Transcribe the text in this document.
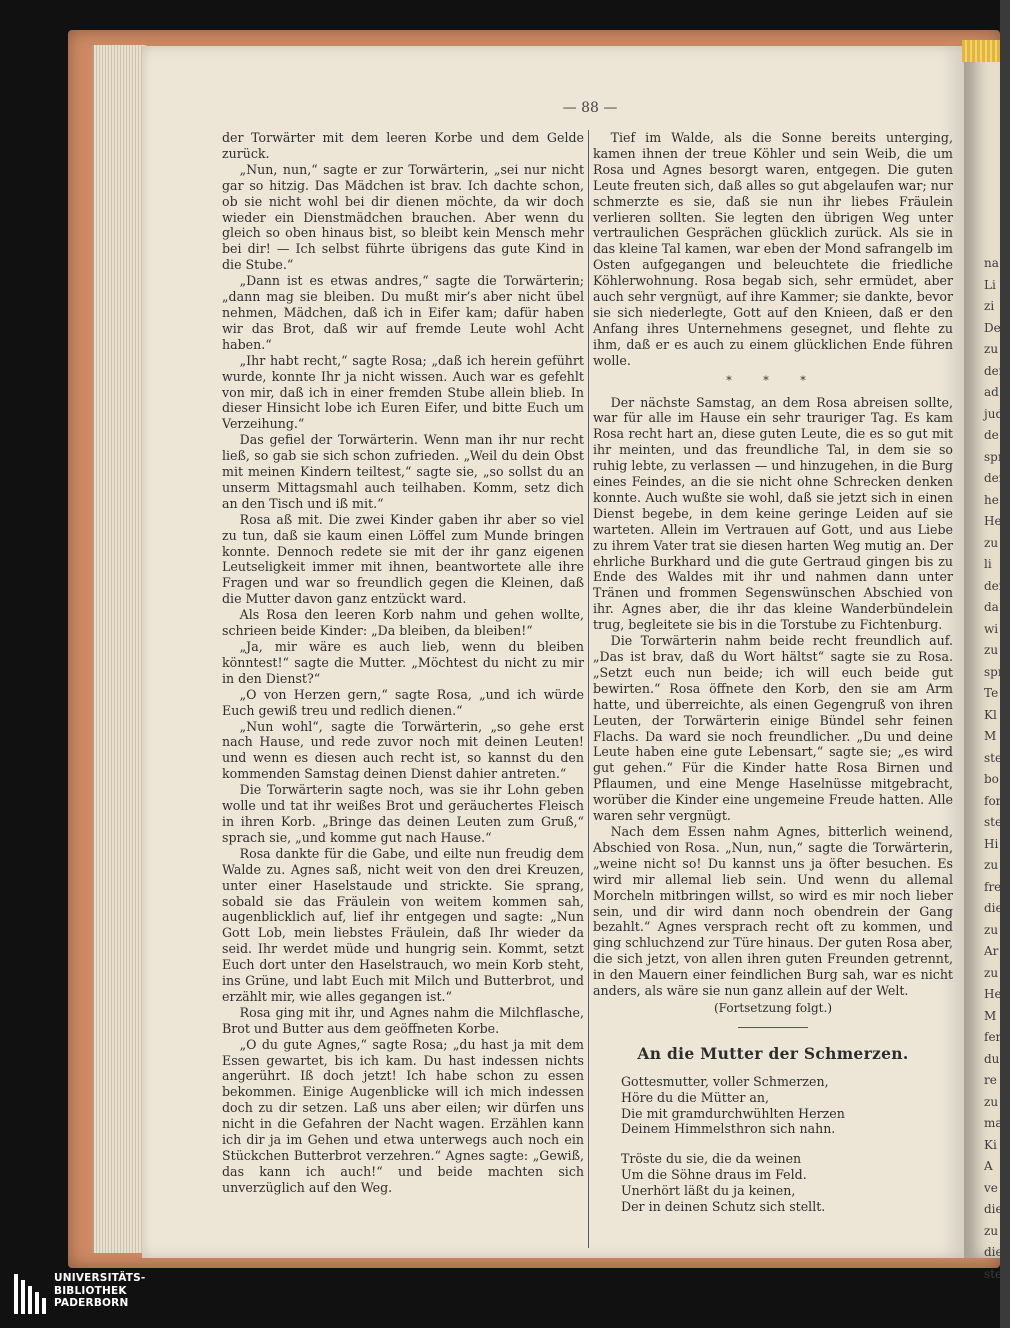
na
Li
zi
De
zu g
der
ad
jud
de
spr
der
he
He
zu
li
der
da
wi
zu
spr
Te
Kl
M
ste
bo
for
ste
Hi
zu
fre
die
zu
Ar
zu
He
M
fer
du
re
zu
ma
Ki
A
ve
die
zu
die
ste
— 88 —

der Torwärter mit dem leeren Korbe und dem Gelde zurück.

„Nun, nun,“ sagte er zur Torwärterin, „sei nur nicht gar so hitzig. Das Mädchen ist brav. Ich dachte schon, ob sie nicht wohl bei dir dienen möchte, da wir doch wieder ein Dienstmädchen brauchen. Aber wenn du gleich so oben hinaus bist, so bleibt kein Mensch mehr bei dir! — Ich selbst führte übrigens das gute Kind in die Stube.“

„Dann ist es etwas andres,“ sagte die Torwärterin; „dann mag sie bleiben. Du mußt mir’s aber nicht übel nehmen, Mädchen, daß ich in Eifer kam; dafür haben wir das Brot, daß wir auf fremde Leute wohl Acht haben.“

„Ihr habt recht,“ sagte Rosa; „daß ich herein geführt wurde, konnte Ihr ja nicht wissen. Auch war es gefehlt von mir, daß ich in einer fremden Stube allein blieb. In dieser Hinsicht lobe ich Euren Eifer, und bitte Euch um Verzeihung.“

Das gefiel der Torwärterin. Wenn man ihr nur recht ließ, so gab sie sich schon zufrieden. „Weil du dein Obst mit meinen Kindern teiltest,“ sagte sie, „so sollst du an unserm Mittagsmahl auch teilhaben. Komm, setz dich an den Tisch und iß mit.“

Rosa aß mit. Die zwei Kinder gaben ihr aber so viel zu tun, daß sie kaum einen Löffel zum Munde bringen konnte. Dennoch redete sie mit der ihr ganz eigenen Leutseligkeit immer mit ihnen, beantwortete alle ihre Fragen und war so freundlich gegen die Kleinen, daß die Mutter davon ganz entzückt ward.

Als Rosa den leeren Korb nahm und gehen wollte, schrieen beide Kinder: „Da bleiben, da bleiben!“

„Ja, mir wäre es auch lieb, wenn du bleiben könntest!“ sagte die Mutter. „Möchtest du nicht zu mir in den Dienst?“

„O von Herzen gern,“ sagte Rosa, „und ich würde Euch gewiß treu und redlich dienen.“

„Nun wohl“, sagte die Torwärterin, „so gehe erst nach Hause, und rede zuvor noch mit deinen Leuten! und wenn es diesen auch recht ist, so kannst du den kommenden Samstag deinen Dienst dahier antreten.“

Die Torwärterin sagte noch, was sie ihr Lohn geben wolle und tat ihr weißes Brot und geräuchertes Fleisch in ihren Korb. „Bringe das deinen Leuten zum Gruß,“ sprach sie, „und komme gut nach Hause.“

Rosa dankte für die Gabe, und eilte nun freudig dem Walde zu. Agnes saß, nicht weit von den drei Kreuzen, unter einer Haselstaude und strickte. Sie sprang, sobald sie das Fräulein von weitem kommen sah, augenblicklich auf, lief ihr entgegen und sagte: „Nun Gott Lob, mein liebstes Fräulein, daß Ihr wieder da seid. Ihr werdet müde und hungrig sein. Kommt, setzt Euch dort unter den Haselstrauch, wo mein Korb steht, ins Grüne, und labt Euch mit Milch und Butterbrot, und erzählt mir, wie alles gegangen ist.“

Rosa ging mit ihr, und Agnes nahm die Milchflasche, Brot und Butter aus dem geöffneten Korbe.

„O du gute Agnes,“ sagte Rosa; „du hast ja mit dem Essen gewartet, bis ich kam. Du hast indessen nichts angerührt. Iß doch jetzt! Ich habe schon zu essen bekommen. Einige Augenblicke will ich mich indessen doch zu dir setzen. Laß uns aber eilen; wir dürfen uns nicht in die Gefahren der Nacht wagen. Erzählen kann ich dir ja im Gehen und etwa unterwegs auch noch ein Stückchen Butterbrot verzehren.“ Agnes sagte: „Gewiß, das kann ich auch!“ und beide machten sich unverzüglich auf den Weg.

Tief im Walde, als die Sonne bereits unterging, kamen ihnen der treue Köhler und sein Weib, die um Rosa und Agnes besorgt waren, entgegen. Die guten Leute freuten sich, daß alles so gut abgelaufen war; nur schmerzte es sie, daß sie nun ihr liebes Fräulein verlieren sollten. Sie legten den übrigen Weg unter vertraulichen Gesprächen glücklich zurück. Als sie in das kleine Tal kamen, war eben der Mond safrangelb im Osten aufgegangen und beleuchtete die friedliche Köhlerwohnung. Rosa begab sich, sehr ermüdet, aber auch sehr vergnügt, auf ihre Kammer; sie dankte, bevor sie sich niederlegte, Gott auf den Knieen, daß er den Anfang ihres Unternehmens gesegnet, und flehte zu ihm, daß er es auch zu einem glücklichen Ende führen wolle.

* * *

Der nächste Samstag, an dem Rosa abreisen sollte, war für alle im Hause ein sehr trauriger Tag. Es kam Rosa recht hart an, diese guten Leute, die es so gut mit ihr meinten, und das freundliche Tal, in dem sie so ruhig lebte, zu verlassen — und hinzugehen, in die Burg eines Feindes, an die sie nicht ohne Schrecken denken konnte. Auch wußte sie wohl, daß sie jetzt sich in einen Dienst begebe, in dem keine geringe Leiden auf sie warteten. Allein im Vertrauen auf Gott, und aus Liebe zu ihrem Vater trat sie diesen harten Weg mutig an. Der ehrliche Burkhard und die gute Gertraud gingen bis zu Ende des Waldes mit ihr und nahmen dann unter Tränen und frommen Segenswünschen Abschied von ihr. Agnes aber, die ihr das kleine Wanderbündelein trug, begleitete sie bis in die Torstube zu Fichtenburg.

Die Torwärterin nahm beide recht freundlich auf. „Das ist brav, daß du Wort hältst“ sagte sie zu Rosa. „Setzt euch nun beide; ich will euch beide gut bewirten.“ Rosa öffnete den Korb, den sie am Arm hatte, und überreichte, als einen Gegengruß von ihren Leuten, der Torwärterin einige Bündel sehr feinen Flachs. Da ward sie noch freundlicher. „Du und deine Leute haben eine gute Lebensart,“ sagte sie; „es wird gut gehen.“ Für die Kinder hatte Rosa Birnen und Pflaumen, und eine Menge Haselnüsse mitgebracht, worüber die Kinder eine ungemeine Freude hatten. Alle waren sehr vergnügt.

Nach dem Essen nahm Agnes, bitterlich weinend, Abschied von Rosa. „Nun, nun,“ sagte die Torwärterin, „weine nicht so! Du kannst uns ja öfter besuchen. Es wird mir allemal lieb sein. Und wenn du allemal Morcheln mitbringen willst, so wird es mir noch lieber sein, und dir wird dann noch obendrein der Gang bezahlt.“ Agnes versprach recht oft zu kommen, und ging schluchzend zur Türe hinaus. Der guten Rosa aber, die sich jetzt, von allen ihren guten Freunden getrennt, in den Mauern einer feindlichen Burg sah, war es nicht anders, als wäre sie nun ganz allein auf der Welt.

(Fortsetzung folgt.)
An die Mutter der Schmerzen.
Gottesmutter, voller Schmerzen,
Höre du die Mütter an,
Die mit gramdurchwühlten Herzen
Deinem Himmelsthron sich nahn.
Tröste du sie, die da weinen
Um die Söhne draus im Feld.
Unerhört läßt du ja keinen,
Der in deinen Schutz sich stellt.
UNIVERSITÄTS-
BIBLIOTHEK
PADERBORN
